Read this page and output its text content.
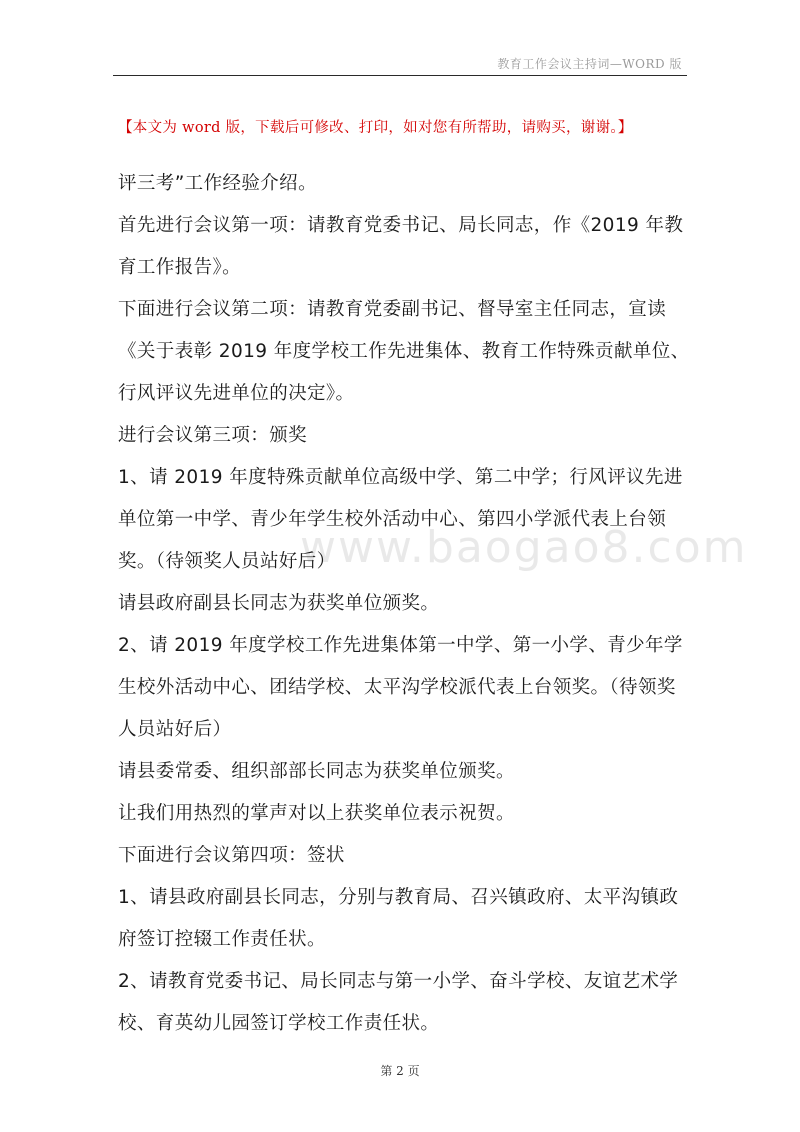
教育工作会议主持词—WORD 版
【本文为 word 版，下载后可修改、打印，如对您有所帮助，请购买，谢谢。】
www.baogao8.com

评三考”工作经验介绍。

首先进行会议第一项：请教育党委书记、局长同志，作《2019 年教育工作报告》。

下面进行会议第二项：请教育党委副书记、督导室主任同志，宣读《关于表彰 2019 年度学校工作先进集体、教育工作特殊贡献单位、行风评议先进单位的决定》。

进行会议第三项：颁奖

1、请 2019 年度特殊贡献单位高级中学、第二中学；行风评议先进单位第一中学、青少年学生校外活动中心、第四小学派代表上台领奖。（待领奖人员站好后）

请县政府副县长同志为获奖单位颁奖。

2、请 2019 年度学校工作先进集体第一中学、第一小学、青少年学生校外活动中心、团结学校、太平沟学校派代表上台领奖。（待领奖人员站好后）

请县委常委、组织部部长同志为获奖单位颁奖。

让我们用热烈的掌声对以上获奖单位表示祝贺。

下面进行会议第四项：签状

1、请县政府副县长同志，分别与教育局、召兴镇政府、太平沟镇政府签订控辍工作责任状。

2、请教育党委书记、局长同志与第一小学、奋斗学校、友谊艺术学校、育英幼儿园签订学校工作责任状。

第 2 页
